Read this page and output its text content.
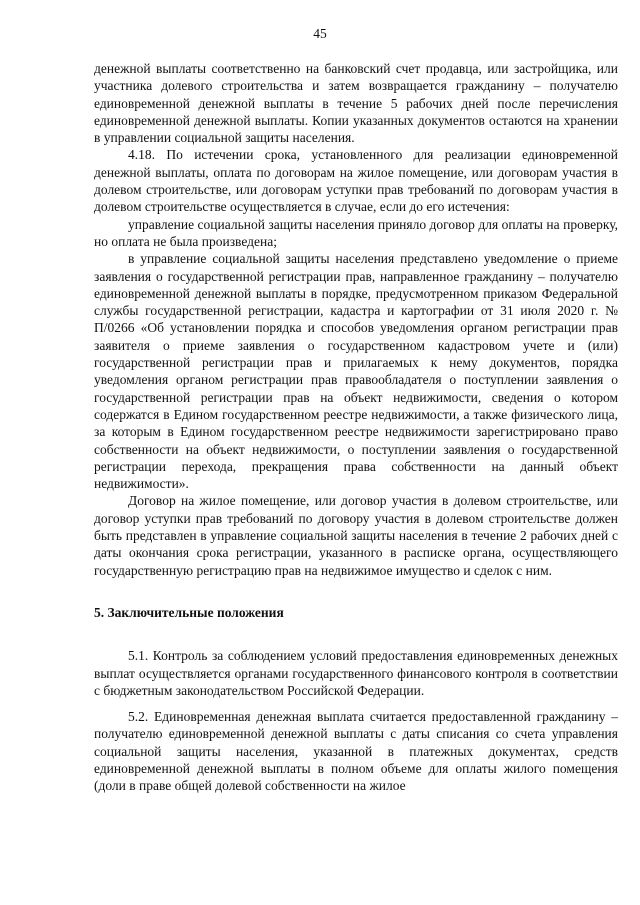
45

денежной выплаты соответственно на банковский счет продавца, или застройщика, или участника долевого строительства и затем возвращается гражданину – получателю единовременной денежной выплаты в течение 5 рабочих дней после перечисления единовременной денежной выплаты. Копии указанных документов остаются на хранении в управлении социальной защиты населения.

4.18. По истечении срока, установленного для реализации единовременной денежной выплаты, оплата по договорам на жилое помещение, или договорам участия в долевом строительстве, или договорам уступки прав требований по договорам участия в долевом строительстве осуществляется в случае, если до его истечения:

управление социальной защиты населения приняло договор для оплаты на проверку, но оплата не была произведена;

в управление социальной защиты населения представлено уведомление о приеме заявления о государственной регистрации прав, направленное гражданину – получателю единовременной денежной выплаты в порядке, предусмотренном приказом Федеральной службы государственной регистрации, кадастра и картографии от 31 июля 2020 г. № П/0266 «Об установлении порядка и способов уведомления органом регистрации прав заявителя о приеме заявления о государственном кадастровом учете и (или) государственной регистрации прав и прилагаемых к нему документов, порядка уведомления органом регистрации прав правообладателя о поступлении заявления о государственной регистрации прав на объект недвижимости, сведения о котором содержатся в Едином государственном реестре недвижимости, а также физического лица, за которым в Едином государственном реестре недвижимости зарегистрировано право собственности на объект недвижимости, о поступлении заявления о государственной регистрации перехода, прекращения права собственности на данный объект недвижимости».

Договор на жилое помещение, или договор участия в долевом строительстве, или договор уступки прав требований по договору участия в долевом строительстве должен быть представлен в управление социальной защиты населения в течение 2 рабочих дней с даты окончания срока регистрации, указанного в расписке органа, осуществляющего государственную регистрацию прав на недвижимое имущество и сделок с ним.

5. Заключительные положения

5.1. Контроль за соблюдением условий предоставления единовременных денежных выплат осуществляется органами государственного финансового контроля в соответствии с бюджетным законодательством Российской Федерации.

5.2. Единовременная денежная выплата считается предоставленной гражданину – получателю единовременной денежной выплаты с даты списания со счета управления социальной защиты населения, указанной в платежных документах, средств единовременной денежной выплаты в полном объеме для оплаты жилого помещения (доли в праве общей долевой собственности на жилое
